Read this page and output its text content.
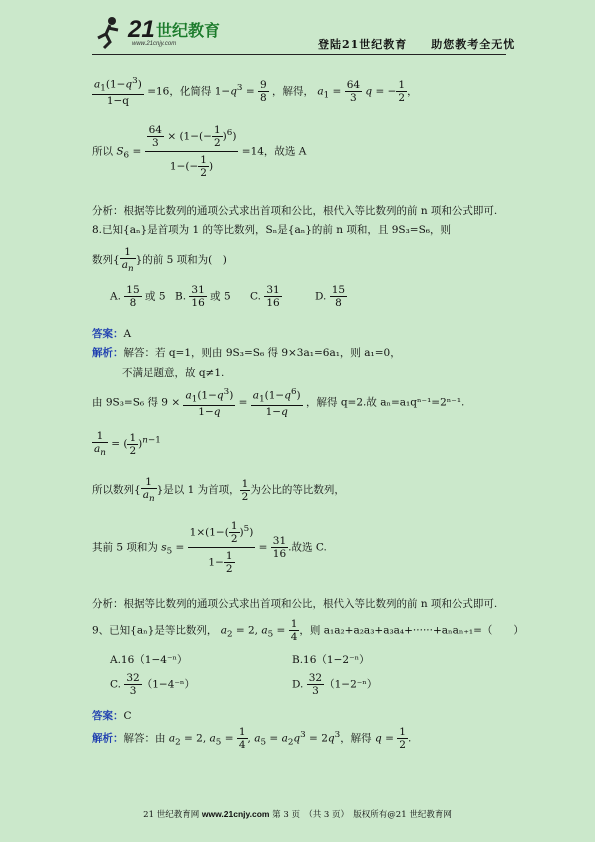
21 世纪教育
www.21cnjy.com	登陆21世纪教育　　助您教考全无忧
$\frac{a_1(1-q^3)}{1-q} =16$，化简得 $1-q^3 = \frac{9}{8}$ ，解得， $a_1 = \frac{64}{3}$ q = − $\frac{1}{2}$ ，
所以 $S_6 = \frac{\frac{64}{3} \times (1-(- \frac{1}{2} )^6)}{1-(- \frac{1}{2} )} =14$，故选 A
分析：根据等比数列的通项公式求出首项和公比，根代入等比数列的前 n 项和公式即可.
8.已知{aₙ}是首项为 1 的等比数列，Sₙ是{aₙ}的前 n 项和，且 9S₃=S₆，则
数列{ $\frac{1}{a_n}$ }的前 5 项和为(　)
A. $\frac{15}{8}$ 或 5 B. $\frac{31}{16}$ 或 5 C. $\frac{31}{16}$	D. $\frac{15}{8}$
答案：A
解析：解答：若 q=1，则由 9S₃=S₆ 得 9×3a₁=6a₁，则 a₁=0，
不满足题意，故 q≠1.
由 9S₃=S₆ 得 $9 \times \frac{a_1(1-q^3)}{1-q} = \frac{a_1(1-q^6)}{1-q}$ ，解得 q=2.故 aₙ=a₁qⁿ⁻¹=2ⁿ⁻¹.
$\frac{1}{a_n}$ = ( $\frac{1}{2} )^{n-1}$
所以数列{ $\frac{1}{a_n}$ }是以 1 为首项， $\frac{1}{2}$ 为公比的等比数列，
其前 5 项和为 $s_5 = \frac{1\times(1-( \frac{1}{2} )^5)}{1- \frac{1}{2}} = \frac{31}{16}$ .故选 C.
分析：根据等比数列的通项公式求出首项和公比，根代入等比数列的前 n 项和公式即可.
9、已知{aₙ}是等比数列， $a_2 = 2$, $a_5 = \frac{1}{4}$ ，则 a₁a₂+a₂a₃+a₃a₄+······+aₙaₙ₊₁=（　　）
A.16（1−4⁻ⁿ）	B.16（1−2⁻ⁿ）
C. $\frac{32}{3} (1-4^{-n})$	D. $\frac{32}{3} (1-2^{-n})$
答案：C
解析：解答：由 $a_2 = 2$, $a_5 = \frac{1}{4}$ , $a_5 = a_2q^3 = 2q^3$，解得 $q = \frac{1}{2}$ .
21 世纪教育网 www.21cnjy.com 第 3 页　（共 3 页）　版权所有@21 世纪教育网
